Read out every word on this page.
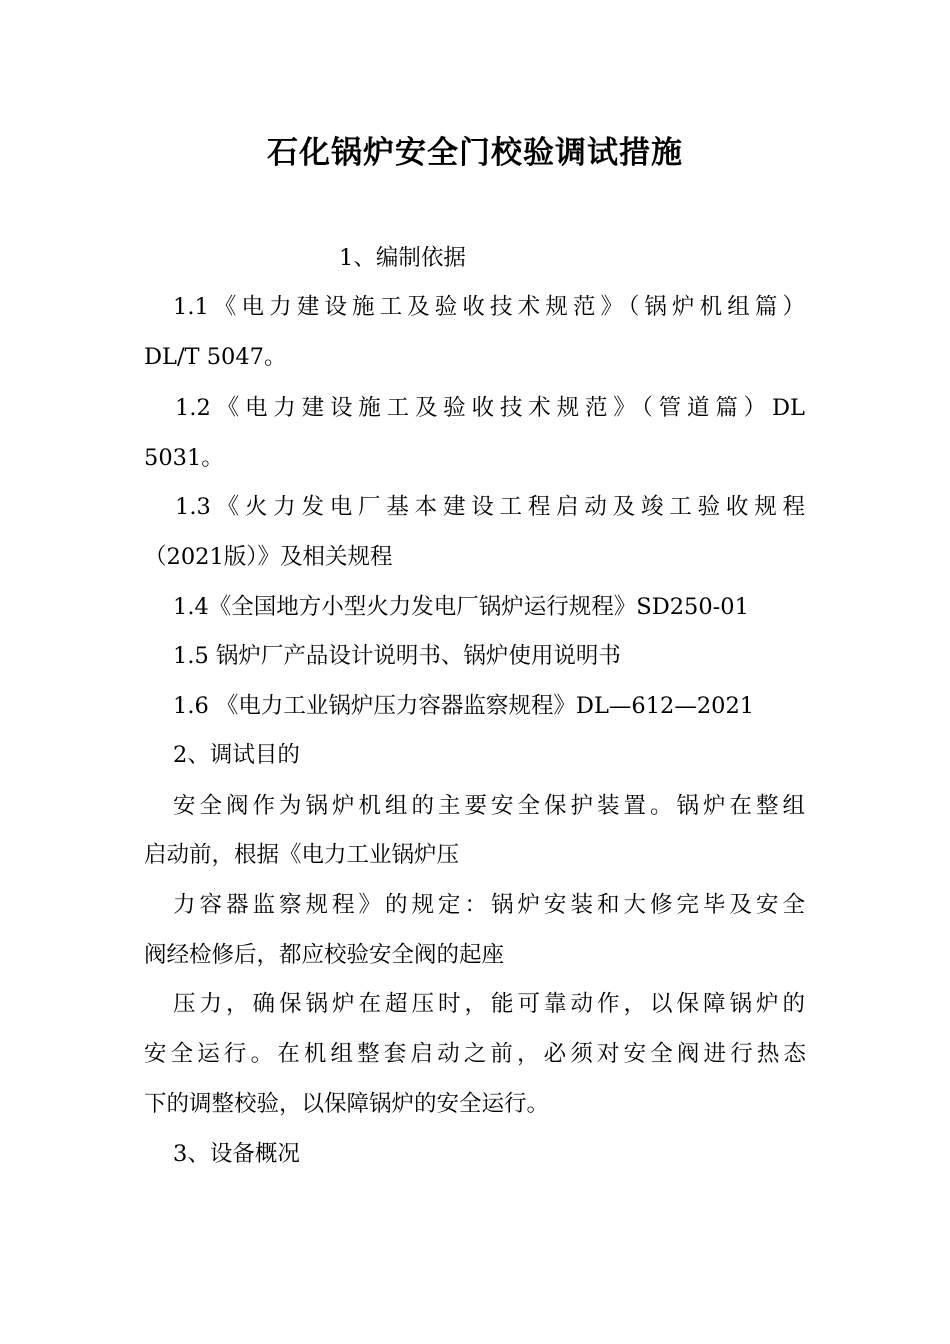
石化锅炉安全门校验调试措施
1、编制依据
1.1《电力建设施工及验收技术规范》（锅炉机组篇）
DL/T 5047。
1.2《电力建设施工及验收技术规范》（管道篇）DL
5031。
1.3《火力发电厂基本建设工程启动及竣工验收规程
（2021版）》及相关规程
1.4《全国地方小型火力发电厂锅炉运行规程》SD250-01
1.5 锅炉厂产品设计说明书、锅炉使用说明书
1.6 《电力工业锅炉压力容器监察规程》DL—612—2021
2、调试目的
安全阀作为锅炉机组的主要安全保护装置。锅炉在整组
启动前，根据《电力工业锅炉压
力容器监察规程》的规定：锅炉安装和大修完毕及安全
阀经检修后，都应校验安全阀的起座
压力，确保锅炉在超压时，能可靠动作，以保障锅炉的
安全运行。在机组整套启动之前，必须对安全阀进行热态
下的调整校验，以保障锅炉的安全运行。
3、设备概况
